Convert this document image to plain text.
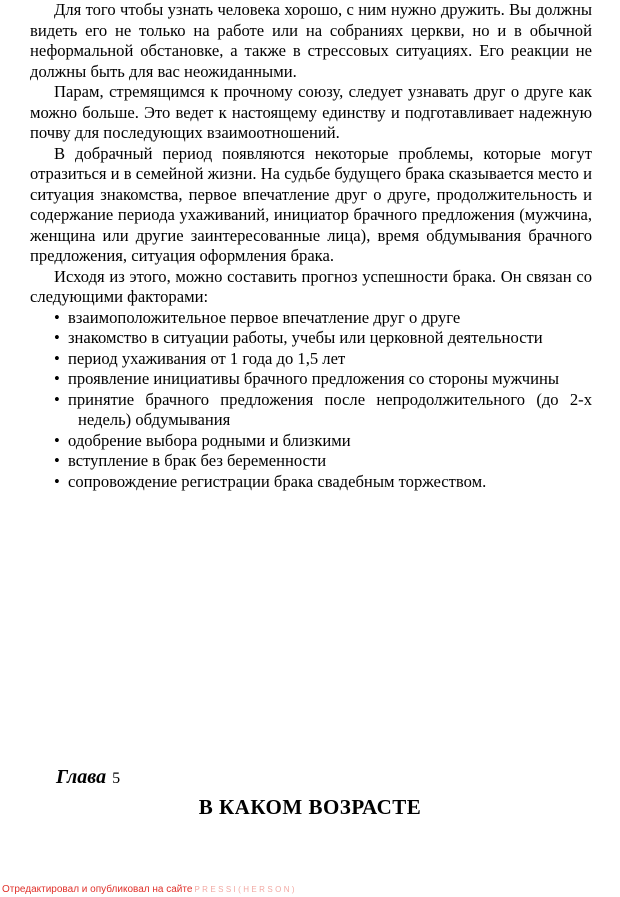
Для того чтобы узнать человека хорошо, с ним нужно дружить. Вы должны видеть его не только на работе или на собраниях церкви, но и в обычной неформальной обстановке, а также в стрессовых ситуациях. Его реакции не должны быть для вас неожиданными.

Парам, стремящимся к прочному союзу, следует узнавать друг о друге как можно больше. Это ведет к настоящему единству и подготавливает надежную почву для последующих взаимоотношений.

В добрачный период появляются некоторые проблемы, которые могут отразиться и в семейной жизни. На судьбе будущего брака сказывается место и ситуация знакомства, первое впечатление друг о друге, продолжительность и содержание периода ухаживаний, инициатор брачного предложения (мужчина, женщина или другие заинтересованные лица), время обдумывания брачного предложения, ситуация оформления брака.

Исходя из этого, можно составить прогноз успешности брака. Он связан со следующими факторами:

• взаимоположительное первое впечатление друг о друге
• знакомство в ситуации работы, учебы или церковной деятельности
• период ухаживания от 1 года до 1,5 лет
• проявление инициативы брачного предложения со стороны мужчины
• принятие брачного предложения после непродолжительного (до 2-х недель) обдумывания
• одобрение выбора родными и близкими
• вступление в брак без беременности
• сопровождение регистрации брака свадебным торжеством.
Глава 5
В КАКОМ ВОЗРАСТЕ
Отредактировал и опубликовал на сайте PRESSI(HERSON)
